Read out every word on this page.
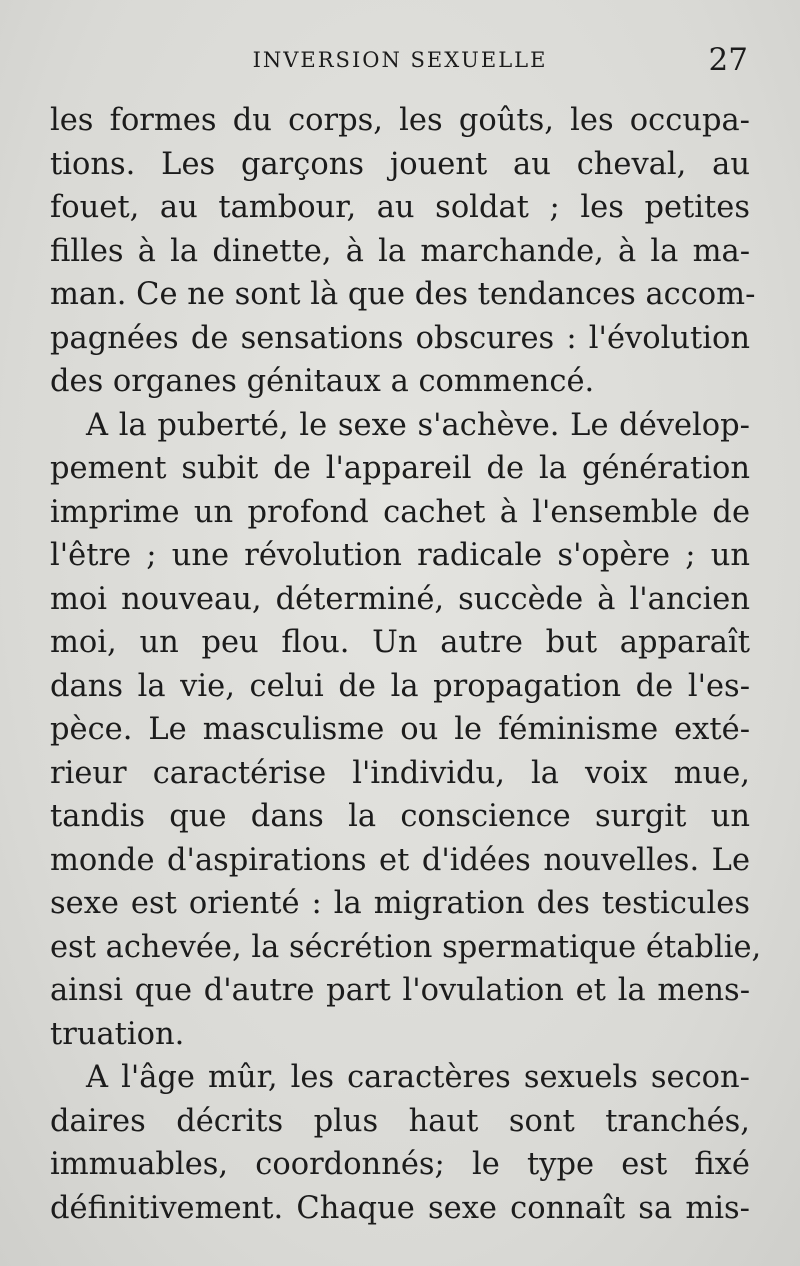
INVERSION SEXUELLE	27
les formes du corps, les goûts, les occupa-
tions. Les garçons jouent au cheval, au
fouet, au tambour, au soldat ; les petites
filles à la dinette, à la marchande, à la ma-
man. Ce ne sont là que des tendances accom-
pagnées de sensations obscures : l'évolution
des organes génitaux a commencé.
A la puberté, le sexe s'achève. Le dévelop-
pement subit de l'appareil de la génération
imprime un profond cachet à l'ensemble de
l'être ; une révolution radicale s'opère ; un
moi nouveau, déterminé, succède à l'ancien
moi, un peu flou. Un autre but apparaît
dans la vie, celui de la propagation de l'es-
pèce. Le masculisme ou le féminisme exté-
rieur caractérise l'individu, la voix mue,
tandis que dans la conscience surgit un
monde d'aspirations et d'idées nouvelles. Le
sexe est orienté : la migration des testicules
est achevée, la sécrétion spermatique établie,
ainsi que d'autre part l'ovulation et la mens-
truation.
A l'âge mûr, les caractères sexuels secon-
daires décrits plus haut sont tranchés,
immuables, coordonnés; le type est fixé
définitivement. Chaque sexe connaît sa mis-
